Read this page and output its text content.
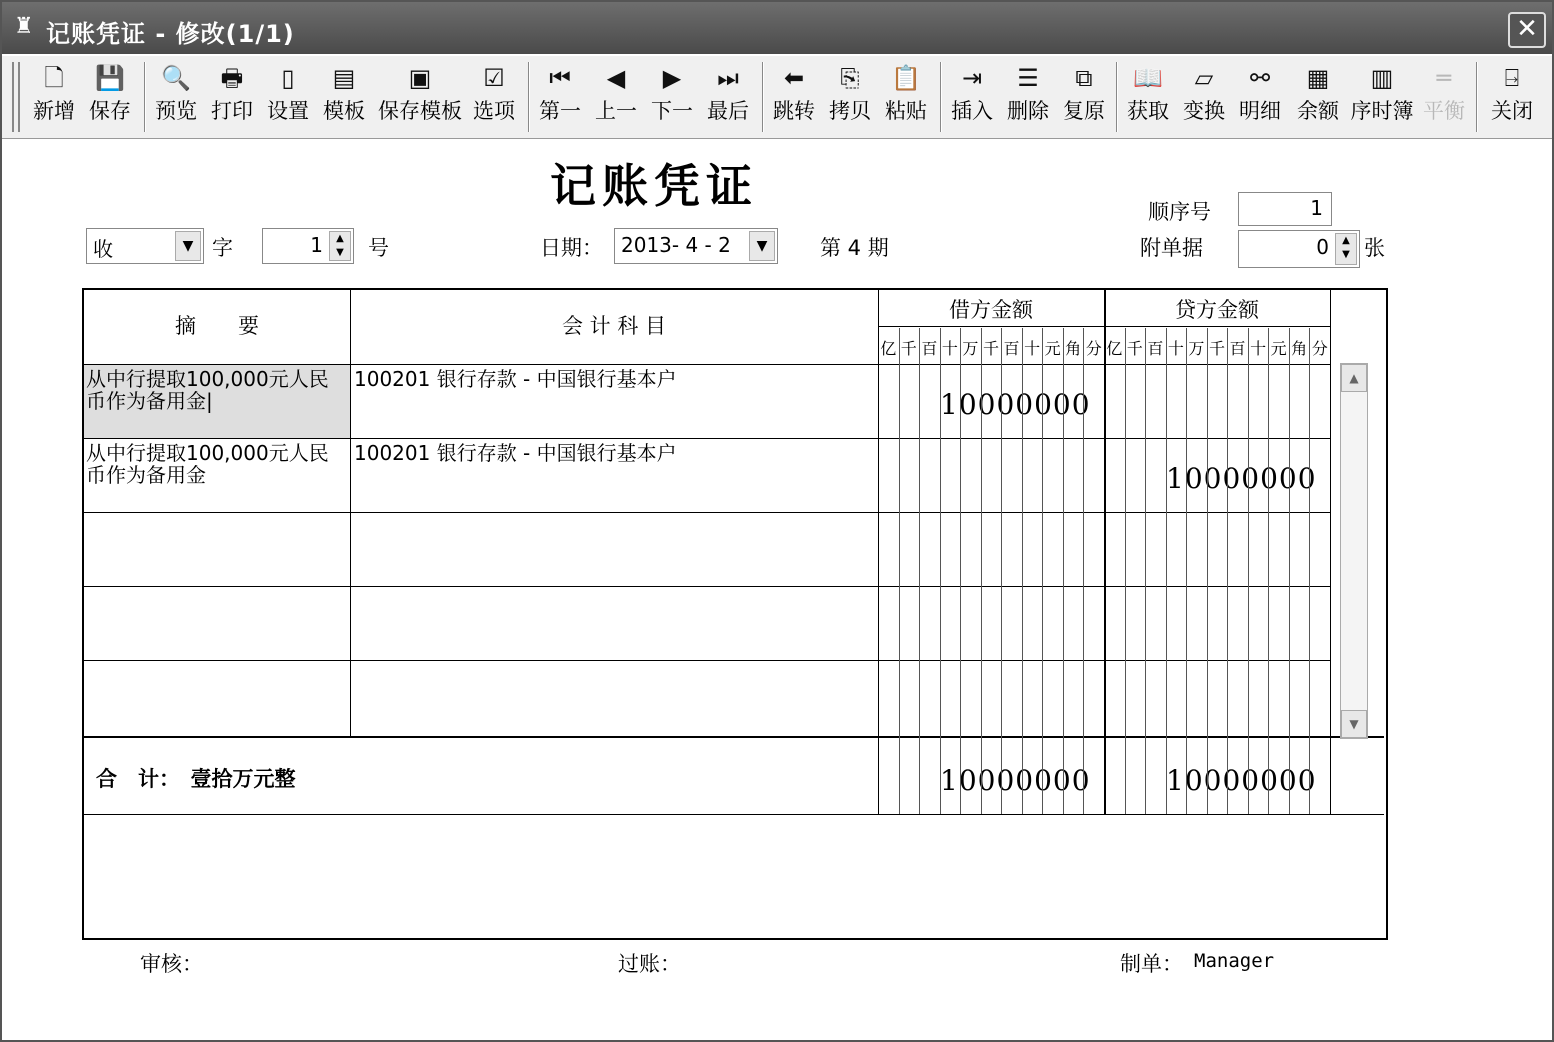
♜ 记账凭证 - 修改(1/1)	✕
🗋
新增
💾
保存
🔍
预览
🖶
打印
▯
设置
▤
模板
▣
保存模板
☑
选项
⏮
第一
◀
上一
▶
下一
⏭
最后
⬅
跳转
⎘
拷贝
📋
粘贴
⇥
插入
☰
删除
⧉
复原
📖
获取
▱
变换
⚯
明细
▦
余额
▥
序时簿
═
平衡
⍈
关闭
记账凭证
收	▼ 字	1	▲
▼	号	日期： 2013- 4 - 2	▼	第 4 期
顺序号	1
附单据	0	▲
▼ 张
摘　　要	会 计 科 目
借方金额	贷方金额
从中行提取100,000元人民币作为备用金|
100201 银行存款 - 中国银行基本户
10000000
从中行提取100,000元人民币作为备用金
100201 银行存款 - 中国银行基本户
10000000
合　计：　壹拾万元整	10000000	10000000
▲
▼
亿 千 百 十 万 千 百 十 元 角 分 亿 千 百 十 万 千 百 十 元 角 分
审核：	过账：	制单： Manager
